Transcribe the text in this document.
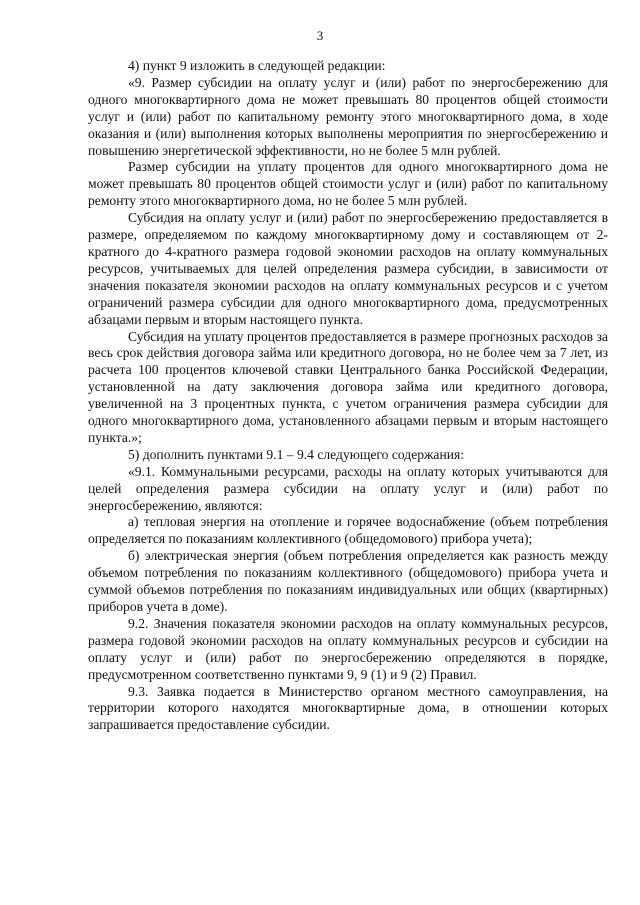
3

4) пункт 9 изложить в следующей редакции:

«9. Размер субсидии на оплату услуг и (или) работ по энергосбережению для одного многоквартирного дома не может превышать 80 процентов общей стоимости услуг и (или) работ по капитальному ремонту этого многоквартирного дома, в ходе оказания и (или) выполнения которых выполнены мероприятия по энергосбережению и повышению энергетической эффективности, но не более 5 млн рублей.

Размер субсидии на уплату процентов для одного многоквартирного дома не может превышать 80 процентов общей стоимости услуг и (или) работ по капитальному ремонту этого многоквартирного дома, но не более 5 млн рублей.

Субсидия на оплату услуг и (или) работ по энергосбережению предоставляется в размере, определяемом по каждому многоквартирному дому и составляющем от 2-кратного до 4-кратного размера годовой экономии расходов на оплату коммунальных ресурсов, учитываемых для целей определения размера субсидии, в зависимости от значения показателя экономии расходов на оплату коммунальных ресурсов и с учетом ограничений размера субсидии для одного многоквартирного дома, предусмотренных абзацами первым и вторым настоящего пункта.

Субсидия на уплату процентов предоставляется в размере прогнозных расходов за весь срок действия договора займа или кредитного договора, но не более чем за 7 лет, из расчета 100 процентов ключевой ставки Центрального банка Российской Федерации, установленной на дату заключения договора займа или кредитного договора, увеличенной на 3 процентных пункта, с учетом ограничения размера субсидии для одного многоквартирного дома, установленного абзацами первым и вторым настоящего пункта.»;

5) дополнить пунктами 9.1 – 9.4 следующего содержания:

«9.1. Коммунальными ресурсами, расходы на оплату которых учитываются для целей определения размера субсидии на оплату услуг и (или) работ по энергосбережению, являются:

а) тепловая энергия на отопление и горячее водоснабжение (объем потребления определяется по показаниям коллективного (общедомового) прибора учета);

б) электрическая энергия (объем потребления определяется как разность между объемом потребления по показаниям коллективного (общедомового) прибора учета и суммой объемов потребления по показаниям индивидуальных или общих (квартирных) приборов учета в доме).

9.2. Значения показателя экономии расходов на оплату коммунальных ресурсов, размера годовой экономии расходов на оплату коммунальных ресурсов и субсидии на оплату услуг и (или) работ по энергосбережению определяются в порядке, предусмотренном соответственно пунктами 9, 9 (1) и 9 (2) Правил.

9.3. Заявка подается в Министерство органом местного самоуправления, на территории которого находятся многоквартирные дома, в отношении которых запрашивается предоставление субсидии.
